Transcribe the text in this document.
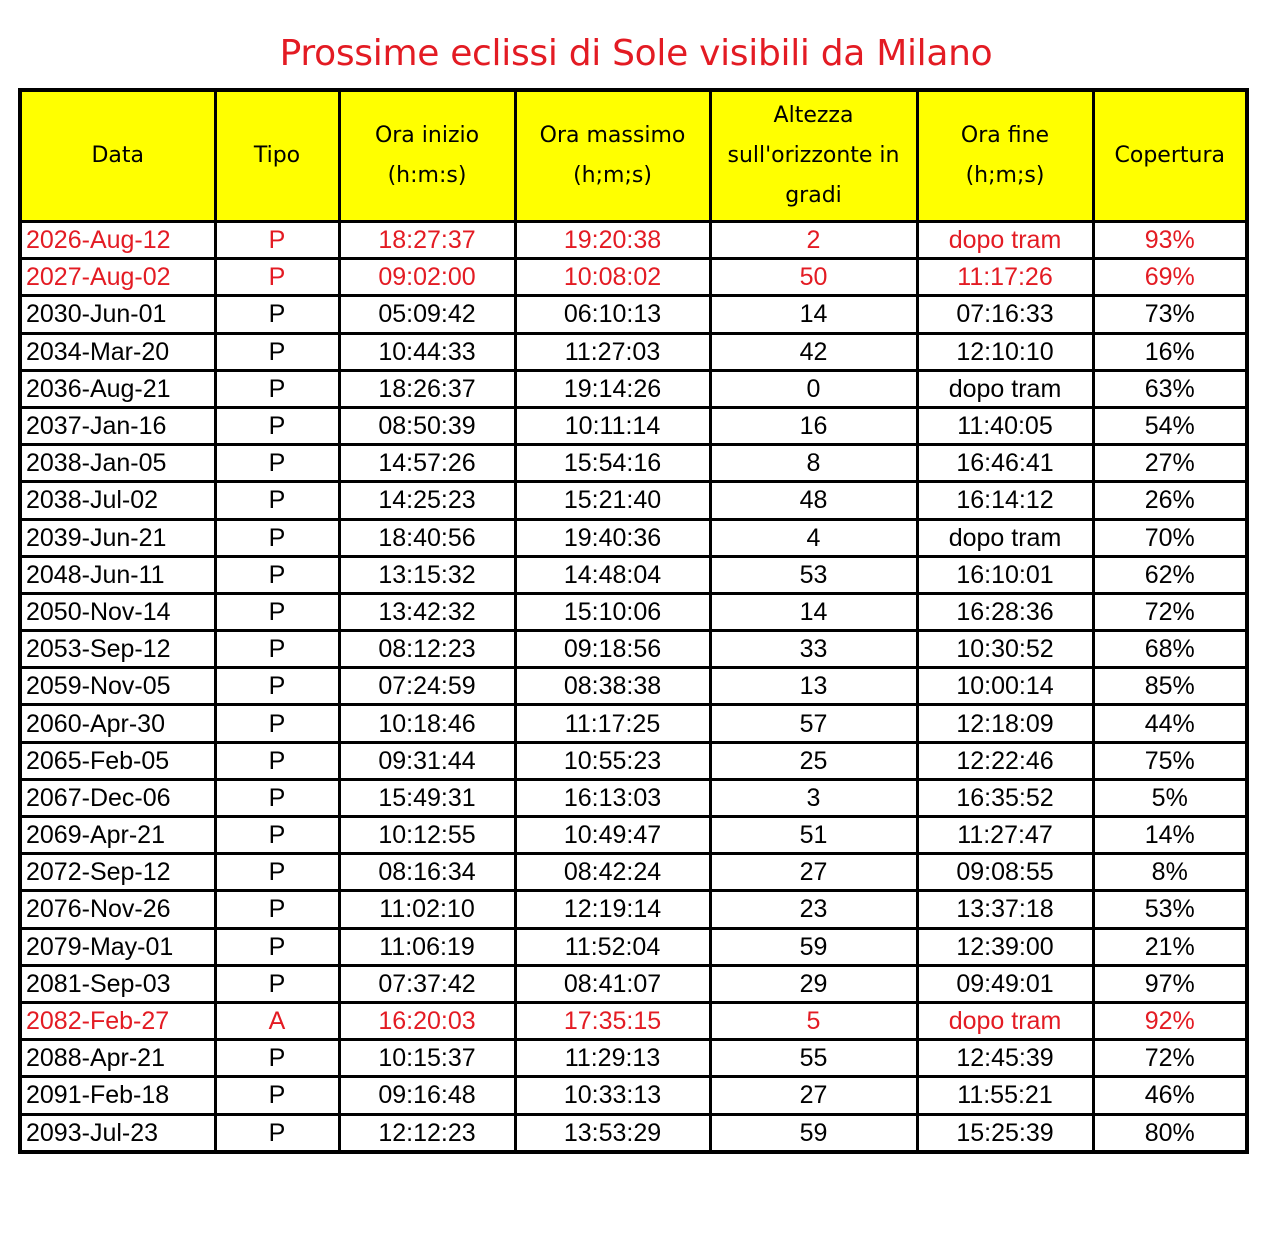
Prossime eclissi di Sole visibili da Milano
Data	Tipo	Ora inizio (h:m:s)	Ora massimo (h;m;s)	Altezza sull'orizzonte in gradi	Ora fine (h;m;s)	Copertura
2026-Aug-12	P	18:27:37	19:20:38	2	dopo tram	93%
2027-Aug-02	P	09:02:00	10:08:02	50	11:17:26	69%
2030-Jun-01	P	05:09:42	06:10:13	14	07:16:33	73%
2034-Mar-20	P	10:44:33	11:27:03	42	12:10:10	16%
2036-Aug-21	P	18:26:37	19:14:26	0	dopo tram	63%
2037-Jan-16	P	08:50:39	10:11:14	16	11:40:05	54%
2038-Jan-05	P	14:57:26	15:54:16	8	16:46:41	27%
2038-Jul-02	P	14:25:23	15:21:40	48	16:14:12	26%
2039-Jun-21	P	18:40:56	19:40:36	4	dopo tram	70%
2048-Jun-11	P	13:15:32	14:48:04	53	16:10:01	62%
2050-Nov-14	P	13:42:32	15:10:06	14	16:28:36	72%
2053-Sep-12	P	08:12:23	09:18:56	33	10:30:52	68%
2059-Nov-05	P	07:24:59	08:38:38	13	10:00:14	85%
2060-Apr-30	P	10:18:46	11:17:25	57	12:18:09	44%
2065-Feb-05	P	09:31:44	10:55:23	25	12:22:46	75%
2067-Dec-06	P	15:49:31	16:13:03	3	16:35:52	5%
2069-Apr-21	P	10:12:55	10:49:47	51	11:27:47	14%
2072-Sep-12	P	08:16:34	08:42:24	27	09:08:55	8%
2076-Nov-26	P	11:02:10	12:19:14	23	13:37:18	53%
2079-May-01	P	11:06:19	11:52:04	59	12:39:00	21%
2081-Sep-03	P	07:37:42	08:41:07	29	09:49:01	97%
2082-Feb-27	A	16:20:03	17:35:15	5	dopo tram	92%
2088-Apr-21	P	10:15:37	11:29:13	55	12:45:39	72%
2091-Feb-18	P	09:16:48	10:33:13	27	11:55:21	46%
2093-Jul-23	P	12:12:23	13:53:29	59	15:25:39	80%
